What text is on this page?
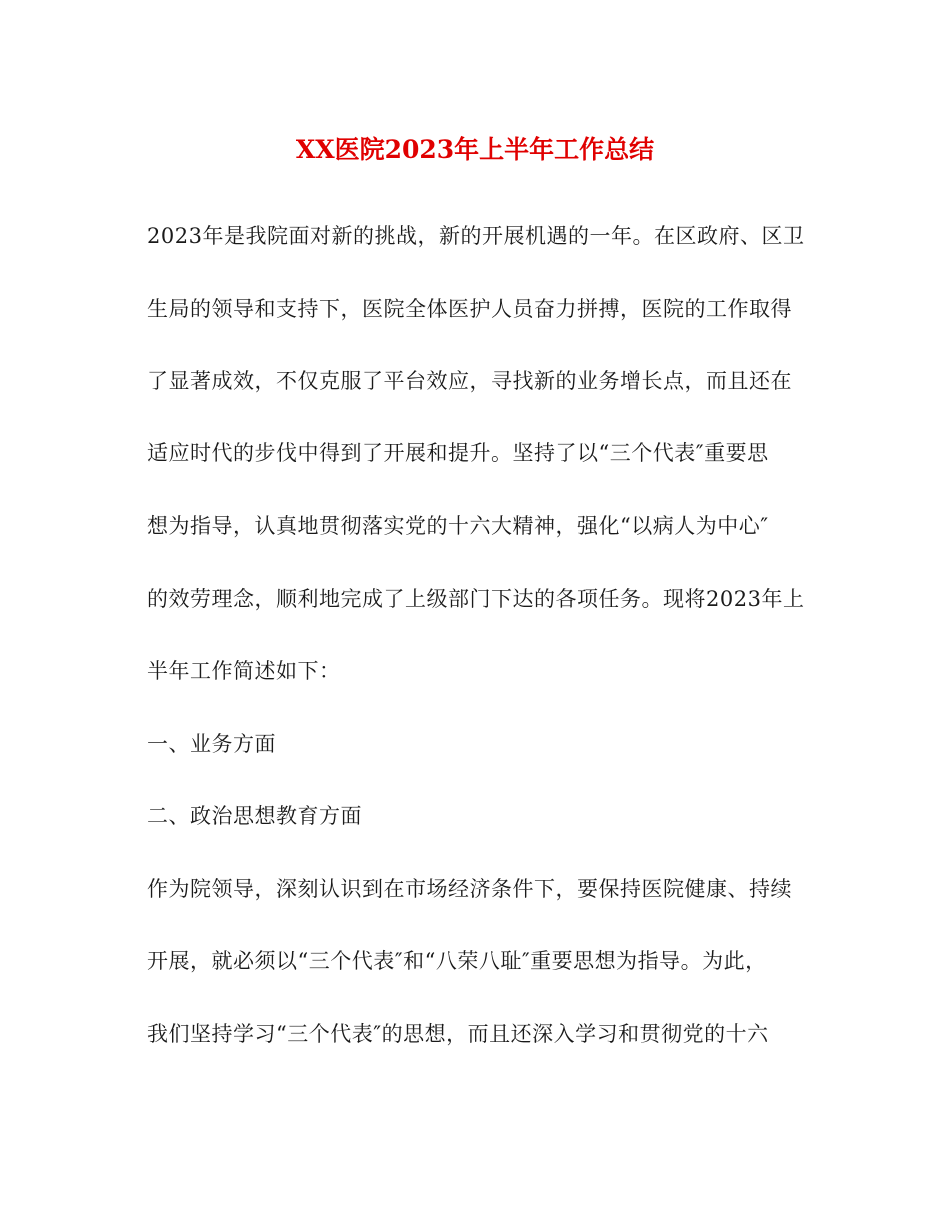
XX医院2023年上半年工作总结
2023年是我院面对新的挑战，新的开展机遇的一年。在区政府、区卫
生局的领导和支持下，医院全体医护人员奋力拼搏，医院的工作取得
了显著成效，不仅克服了平台效应，寻找新的业务增长点，而且还在
适应时代的步伐中得到了开展和提升。坚持了以“三个代表″重要思
想为指导，认真地贯彻落实党的十六大精神，强化“以病人为中心″
的效劳理念，顺利地完成了上级部门下达的各项任务。现将2023年上
半年工作简述如下：
一、业务方面
二、政治思想教育方面
作为院领导，深刻认识到在市场经济条件下，要保持医院健康、持续
开展，就必须以“三个代表″和“八荣八耻″重要思想为指导。为此，
我们坚持学习“三个代表″的思想，而且还深入学习和贯彻党的十六
